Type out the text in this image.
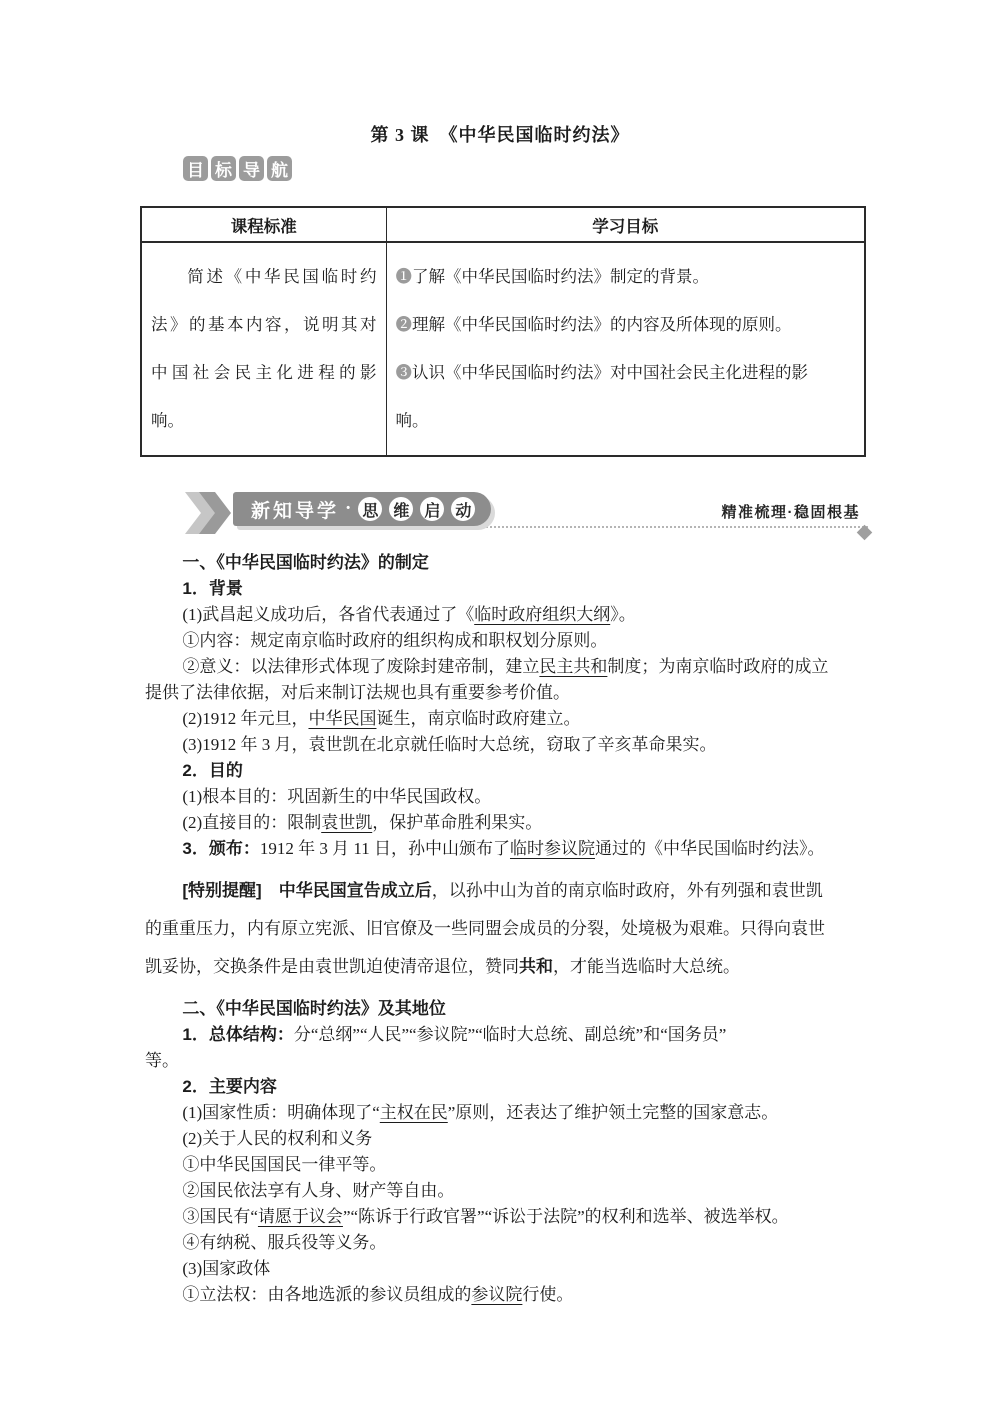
第 3 课　《中华民国临时约法》
目 标 导 航
课程标准	学习目标

简述《中华民国临时约
法》的基本内容，说明其对
中国社会民主化进程的影
响。

❶了解《中华民国临时约法》制定的背景。
❷理解《中华民国临时约法》的内容及所体现的原则。
❸认识《中华民国临时约法》对中国社会民主化进程的影
响。
新知导学 · 思 维 启 动	精准梳理·稳固根基
一、《中华民国临时约法》的制定
1．背景
(1)武昌起义成功后，各省代表通过了《临时政府组织大纲》。
①内容：规定南京临时政府的组织构成和职权划分原则。
②意义：以法律形式体现了废除封建帝制，建立民主共和制度；为南京临时政府的成立
提供了法律依据，对后来制订法规也具有重要参考价值。
(2)1912 年元旦，中华民国诞生，南京临时政府建立。
(3)1912 年 3 月，袁世凯在北京就任临时大总统，窃取了辛亥革命果实。
2．目的
(1)根本目的：巩固新生的中华民国政权。
(2)直接目的：限制袁世凯，保护革命胜利果实。
3．颁布：1912 年 3 月 11 日，孙中山颁布了临时参议院通过的《中华民国临时约法》。
[特别提醒]　 中华民国宣告成立后，以孙中山为首的南京临时政府，外有列强和袁世凯
的重重压力，内有原立宪派、旧官僚及一些同盟会成员的分裂，处境极为艰难。只得向袁世
凯妥协，交换条件是由袁世凯迫使清帝退位，赞同共和，才能当选临时大总统。
二、《中华民国临时约法》及其地位
1．总体结构：分“总纲”“人民”“参议院”“临时大总统、副总统”和“国务员”
等。
2．主要内容
(1)国家性质：明确体现了“主权在民”原则，还表达了维护领土完整的国家意志。
(2)关于人民的权利和义务
①中华民国国民一律平等。
②国民依法享有人身、财产等自由。
③国民有“请愿于议会”“陈诉于行政官署”“诉讼于法院”的权利和选举、被选举权。
④有纳税、服兵役等义务。
(3)国家政体
①立法权：由各地选派的参议员组成的参议院行使。
